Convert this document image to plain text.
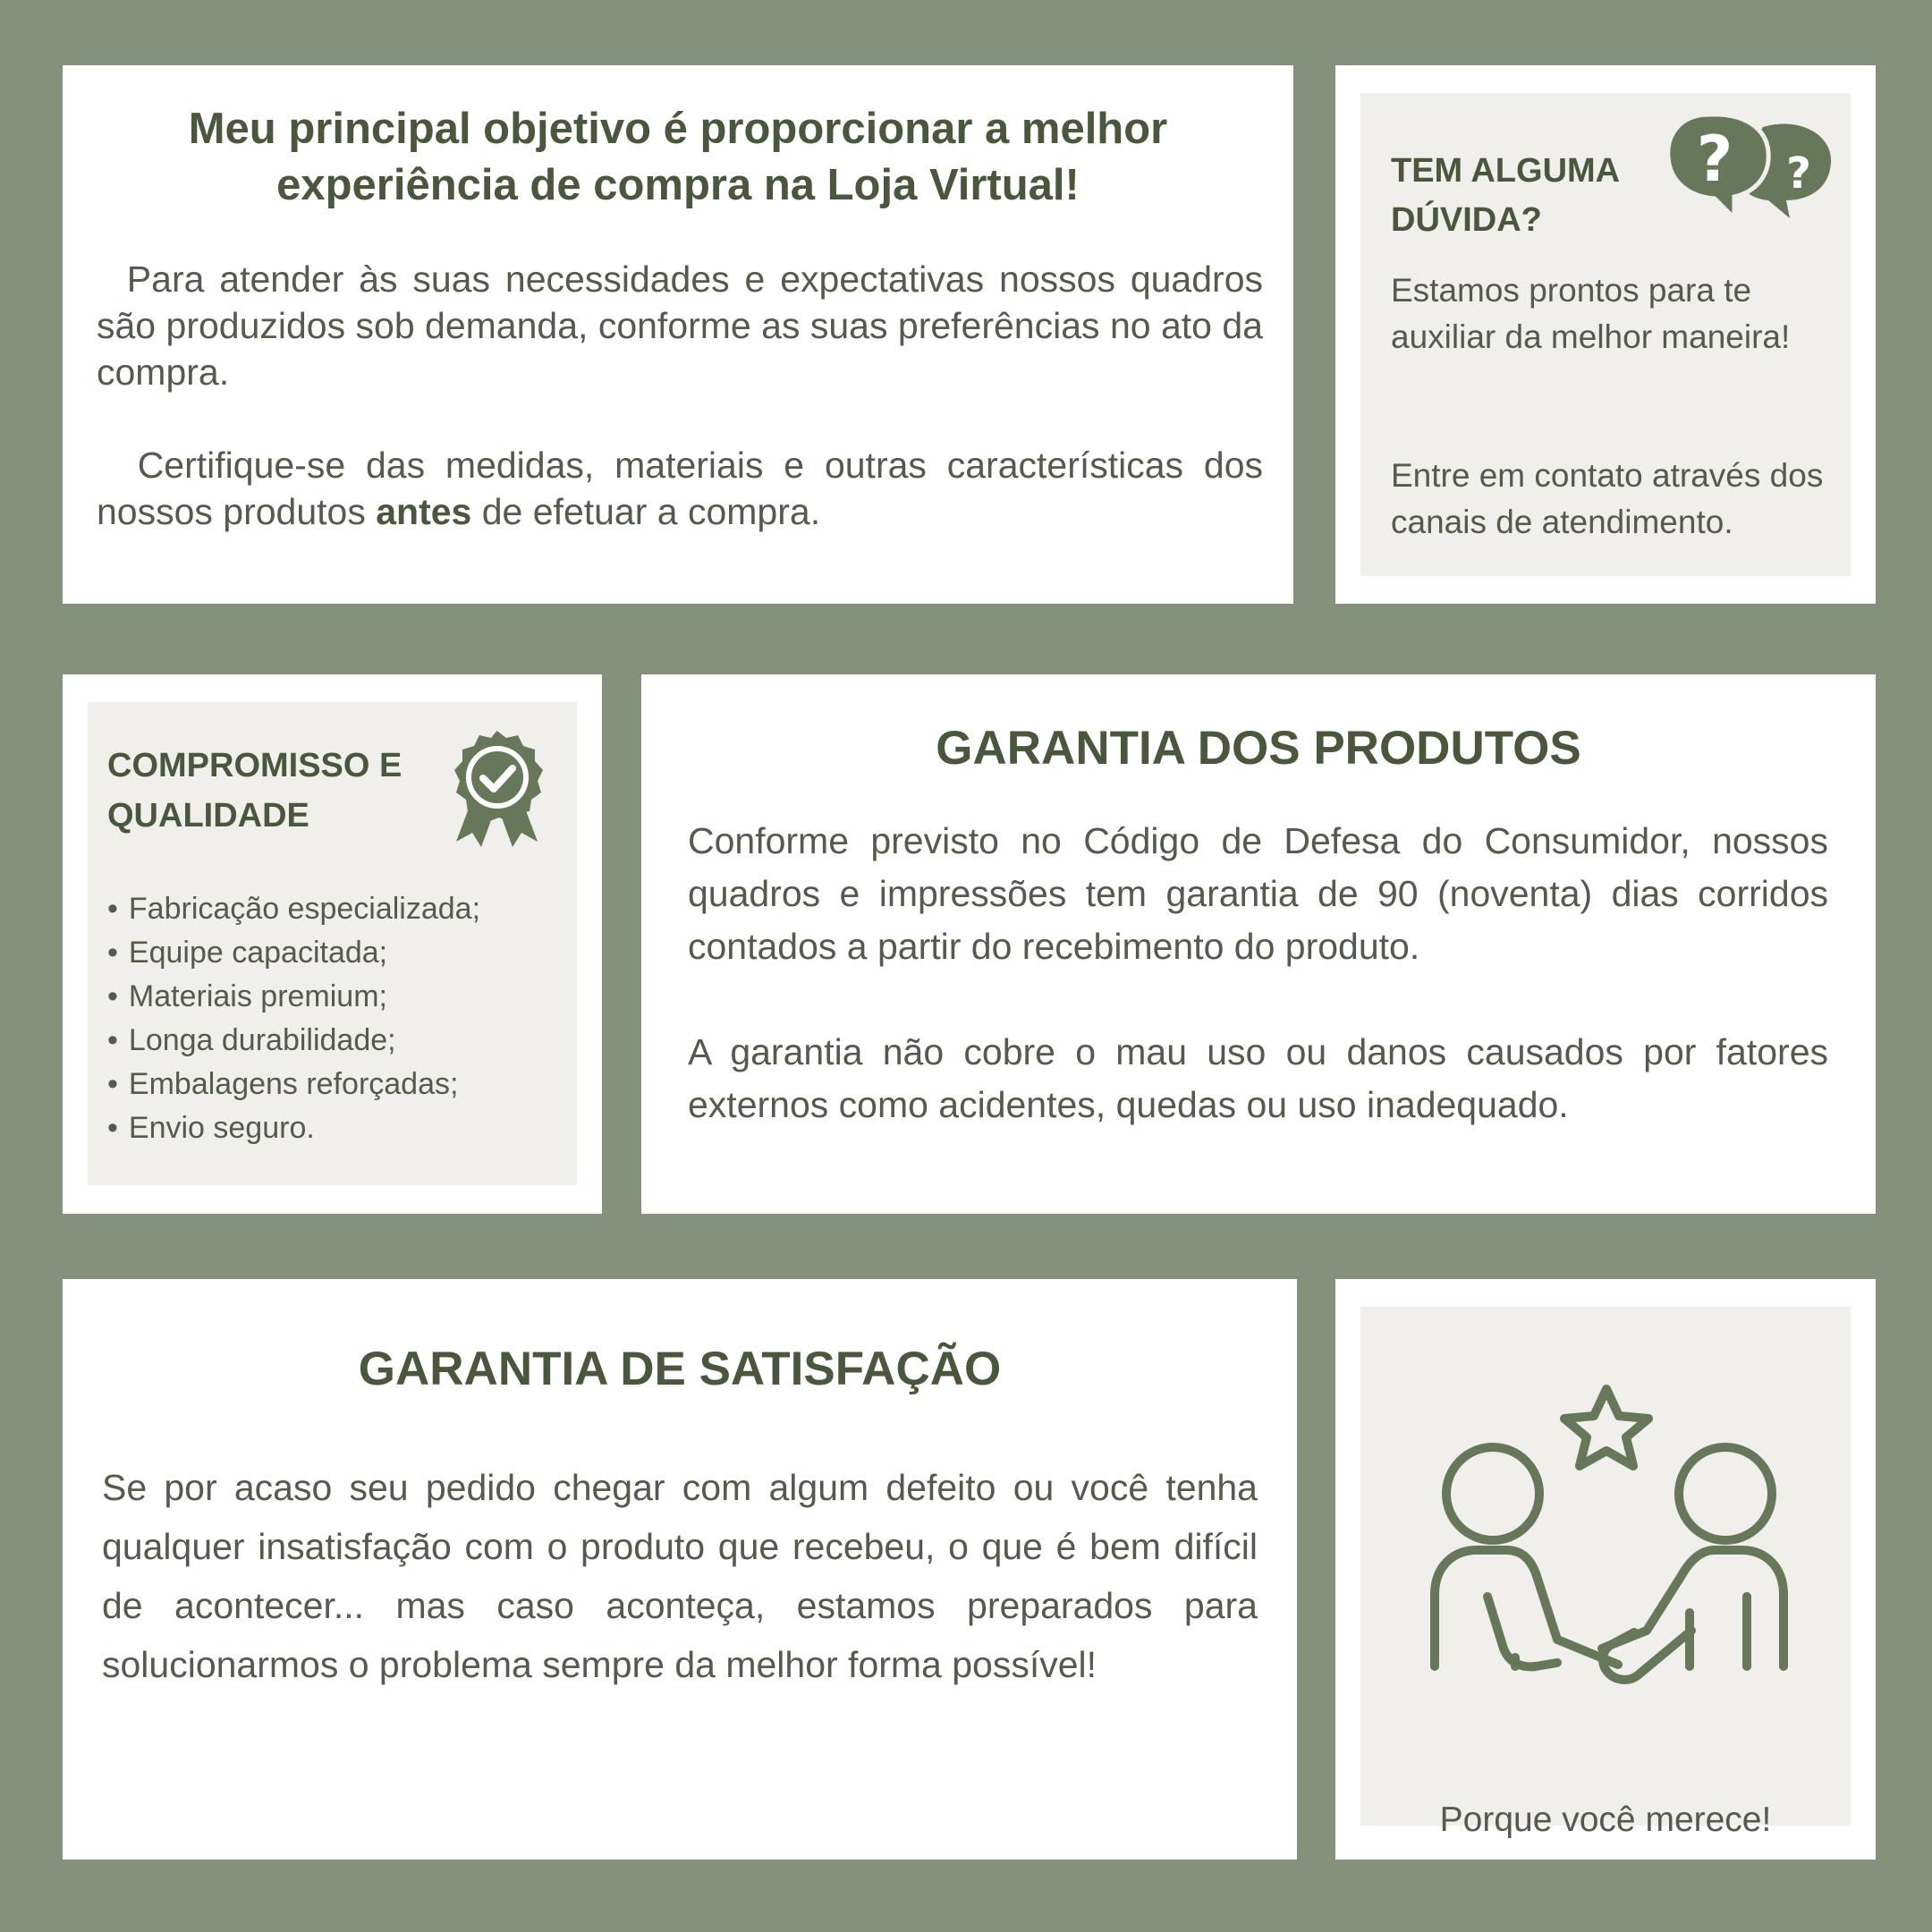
Meu principal objetivo é proporcionar a melhor experiência de compra na Loja Virtual!

Para atender às suas necessidades e expectativas nossos quadros são produzidos sob demanda, conforme as suas preferências no ato da compra.

Certifique-se das medidas, materiais e outras características dos nossos produtos antes de efetuar a compra.

TEM ALGUMA DÚVIDA?
? ?

Estamos prontos para te auxiliar da melhor maneira!

Entre em contato através dos canais de atendimento.

COMPROMISSO E QUALIDADE
• Fabricação especializada;
• Equipe capacitada;
• Materiais premium;
• Longa durabilidade;
• Embalagens reforçadas;
• Envio seguro.
GARANTIA DOS PRODUTOS

Conforme previsto no Código de Defesa do Consumidor, nossos quadros e impressões tem garantia de 90 (noventa) dias corridos contados a partir do recebimento do produto.

A garantia não cobre o mau uso ou danos causados por fatores externos como acidentes, quedas ou uso inadequado.

GARANTIA DE SATISFAÇÃO

Se por acaso seu pedido chegar com algum defeito ou você tenha qualquer insatisfação com o produto que recebeu, o que é bem difícil de acontecer... mas caso aconteça, estamos preparados para solucionarmos o problema sempre da melhor forma possível!

Porque você merece!
